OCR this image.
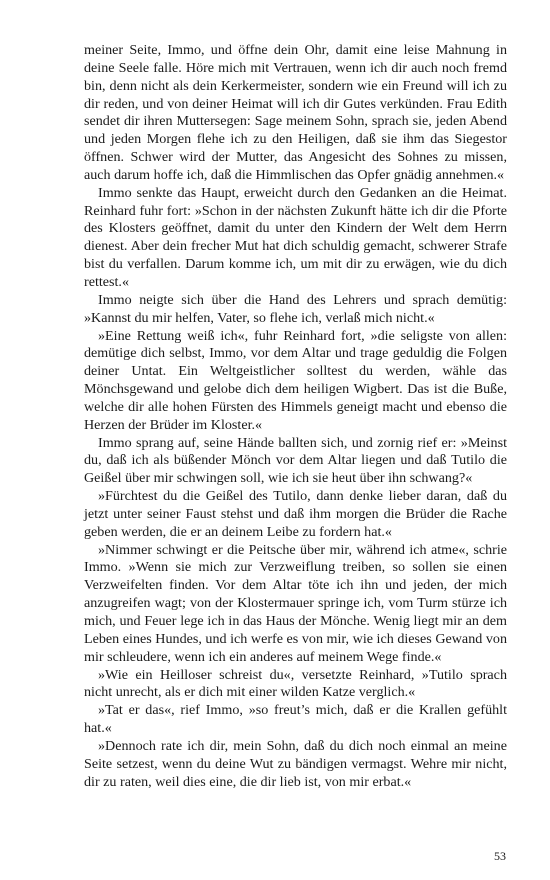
meiner Seite, Immo, und öffne dein Ohr, damit eine leise Mahnung in deine Seele falle. Höre mich mit Vertrauen, wenn ich dir auch noch fremd bin, denn nicht als dein Kerkermeister, sondern wie ein Freund will ich zu dir reden, und von deiner Heimat will ich dir Gutes verkünden. Frau Edith sendet dir ihren Muttersegen: Sage meinem Sohn, sprach sie, jeden Abend und jeden Morgen flehe ich zu den Heiligen, daß sie ihm das Siegestor öffnen. Schwer wird der Mutter, das Angesicht des Sohnes zu missen, auch darum hoffe ich, daß die Himmlischen das Opfer gnädig annehmen.«

Immo senkte das Haupt, erweicht durch den Gedanken an die Heimat. Reinhard fuhr fort: »Schon in der nächsten Zukunft hätte ich dir die Pforte des Klosters geöffnet, damit du unter den Kindern der Welt dem Herrn dienest. Aber dein frecher Mut hat dich schuldig gemacht, schwerer Strafe bist du verfallen. Darum komme ich, um mit dir zu erwägen, wie du dich rettest.«

Immo neigte sich über die Hand des Lehrers und sprach demütig: »Kannst du mir helfen, Vater, so flehe ich, verlaß mich nicht.«

»Eine Rettung weiß ich«, fuhr Reinhard fort, »die seligste von allen: demütige dich selbst, Immo, vor dem Altar und trage geduldig die Folgen deiner Untat. Ein Weltgeistlicher solltest du werden, wähle das Mönchsgewand und gelobe dich dem heiligen Wigbert. Das ist die Buße, welche dir alle hohen Fürsten des Himmels geneigt macht und ebenso die Herzen der Brüder im Kloster.«

Immo sprang auf, seine Hände ballten sich, und zornig rief er: »Meinst du, daß ich als büßender Mönch vor dem Altar liegen und daß Tutilo die Geißel über mir schwingen soll, wie ich sie heut über ihn schwang?«

»Fürchtest du die Geißel des Tutilo, dann denke lieber daran, daß du jetzt unter seiner Faust stehst und daß ihm morgen die Brüder die Rache geben werden, die er an deinem Leibe zu fordern hat.«

»Nimmer schwingt er die Peitsche über mir, während ich atme«, schrie Immo. »Wenn sie mich zur Verzweiflung treiben, so sollen sie einen Verzweifelten finden. Vor dem Altar töte ich ihn und jeden, der mich anzugreifen wagt; von der Klostermauer springe ich, vom Turm stürze ich mich, und Feuer lege ich in das Haus der Mönche. Wenig liegt mir an dem Leben eines Hundes, und ich werfe es von mir, wie ich dieses Gewand von mir schleudere, wenn ich ein anderes auf meinem Wege finde.«

»Wie ein Heilloser schreist du«, versetzte Reinhard, »Tutilo sprach nicht unrecht, als er dich mit einer wilden Katze verglich.«

»Tat er das«, rief Immo, »so freut’s mich, daß er die Krallen gefühlt hat.«

»Dennoch rate ich dir, mein Sohn, daß du dich noch einmal an meine Seite setzest, wenn du deine Wut zu bändigen vermagst. Wehre mir nicht, dir zu raten, weil dies eine, die dir lieb ist, von mir erbat.«

53
